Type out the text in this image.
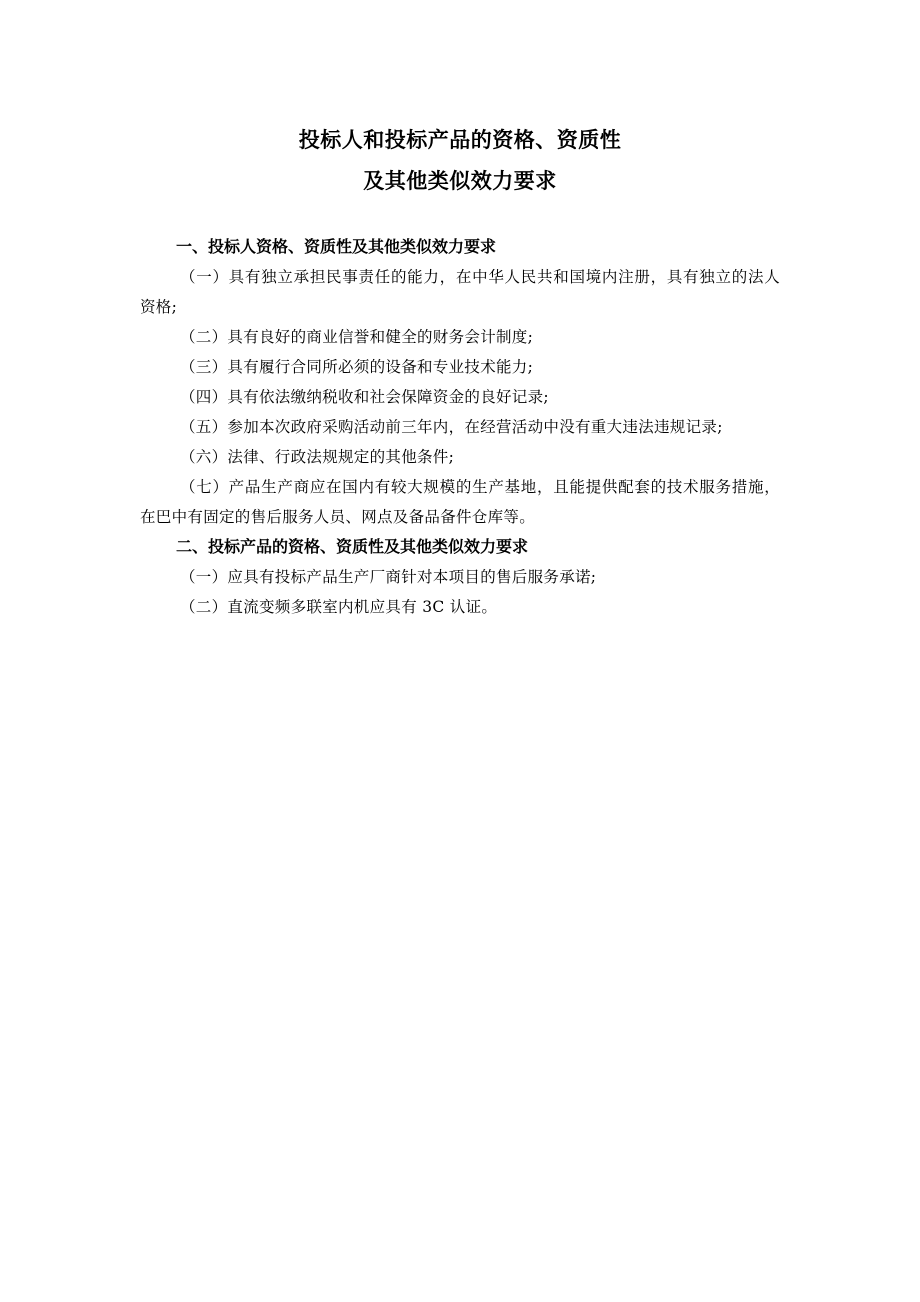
投标人和投标产品的资格、资质性
及其他类似效力要求

一、投标人资格、资质性及其他类似效力要求

（一）具有独立承担民事责任的能力，在中华人民共和国境内注册，具有独立的法人资格;

（二）具有良好的商业信誉和健全的财务会计制度;

（三）具有履行合同所必须的设备和专业技术能力;

（四）具有依法缴纳税收和社会保障资金的良好记录;

（五）参加本次政府采购活动前三年内，在经营活动中没有重大违法违规记录;

（六）法律、行政法规规定的其他条件;

（七）产品生产商应在国内有较大规模的生产基地，且能提供配套的技术服务措施，在巴中有固定的售后服务人员、网点及备品备件仓库等。

二、投标产品的资格、资质性及其他类似效力要求

（一）应具有投标产品生产厂商针对本项目的售后服务承诺;

（二）直流变频多联室内机应具有 3C 认证。
